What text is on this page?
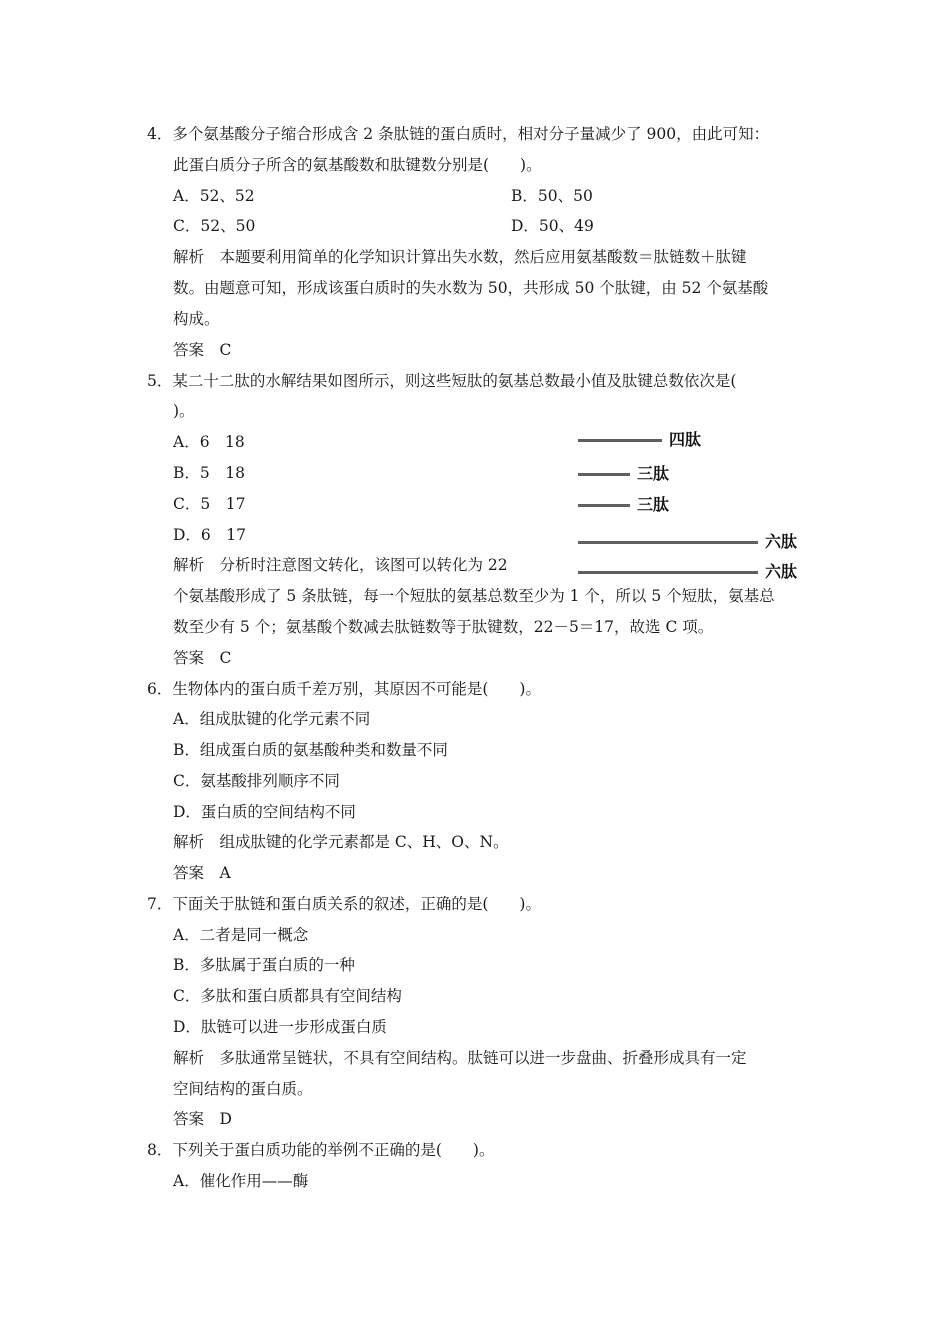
4．多个氨基酸分子缩合形成含 2 条肽链的蛋白质时，相对分子量减少了 900，由此可知：
此蛋白质分子所含的氨基酸数和肽键数分别是(　　)。
A．52、52	B．50、50
C．52、50	D．50、49
解析　本题要利用简单的化学知识计算出失水数，然后应用氨基酸数＝肽链数＋肽键
数。由题意可知，形成该蛋白质时的失水数为 50，共形成 50 个肽键，由 52 个氨基酸
构成。
答案　C
5．某二十二肽的水解结果如图所示，则这些短肽的氨基总数最小值及肽键总数依次是(
)。
A．6　18
B．5　18
C．5　17
D．6　17
解析　分析时注意图文转化，该图可以转化为 22
个氨基酸形成了 5 条肽链，每一个短肽的氨基总数至少为 1 个，所以 5 个短肽，氨基总
数至少有 5 个；氨基酸个数减去肽链数等于肽键数，22－5＝17，故选 C 项。
答案　C
四肽
三肽
三肽
六肽
六肽
6．生物体内的蛋白质千差万别，其原因不可能是(　　)。
A．组成肽键的化学元素不同
B．组成蛋白质的氨基酸种类和数量不同
C．氨基酸排列顺序不同
D．蛋白质的空间结构不同
解析　组成肽键的化学元素都是 C、H、O、N。
答案　A
7．下面关于肽链和蛋白质关系的叙述，正确的是(　　)。
A．二者是同一概念
B．多肽属于蛋白质的一种
C．多肽和蛋白质都具有空间结构
D．肽链可以进一步形成蛋白质
解析　多肽通常呈链状，不具有空间结构。肽链可以进一步盘曲、折叠形成具有一定
空间结构的蛋白质。
答案　D
8．下列关于蛋白质功能的举例不正确的是(　　)。
A．催化作用——酶
